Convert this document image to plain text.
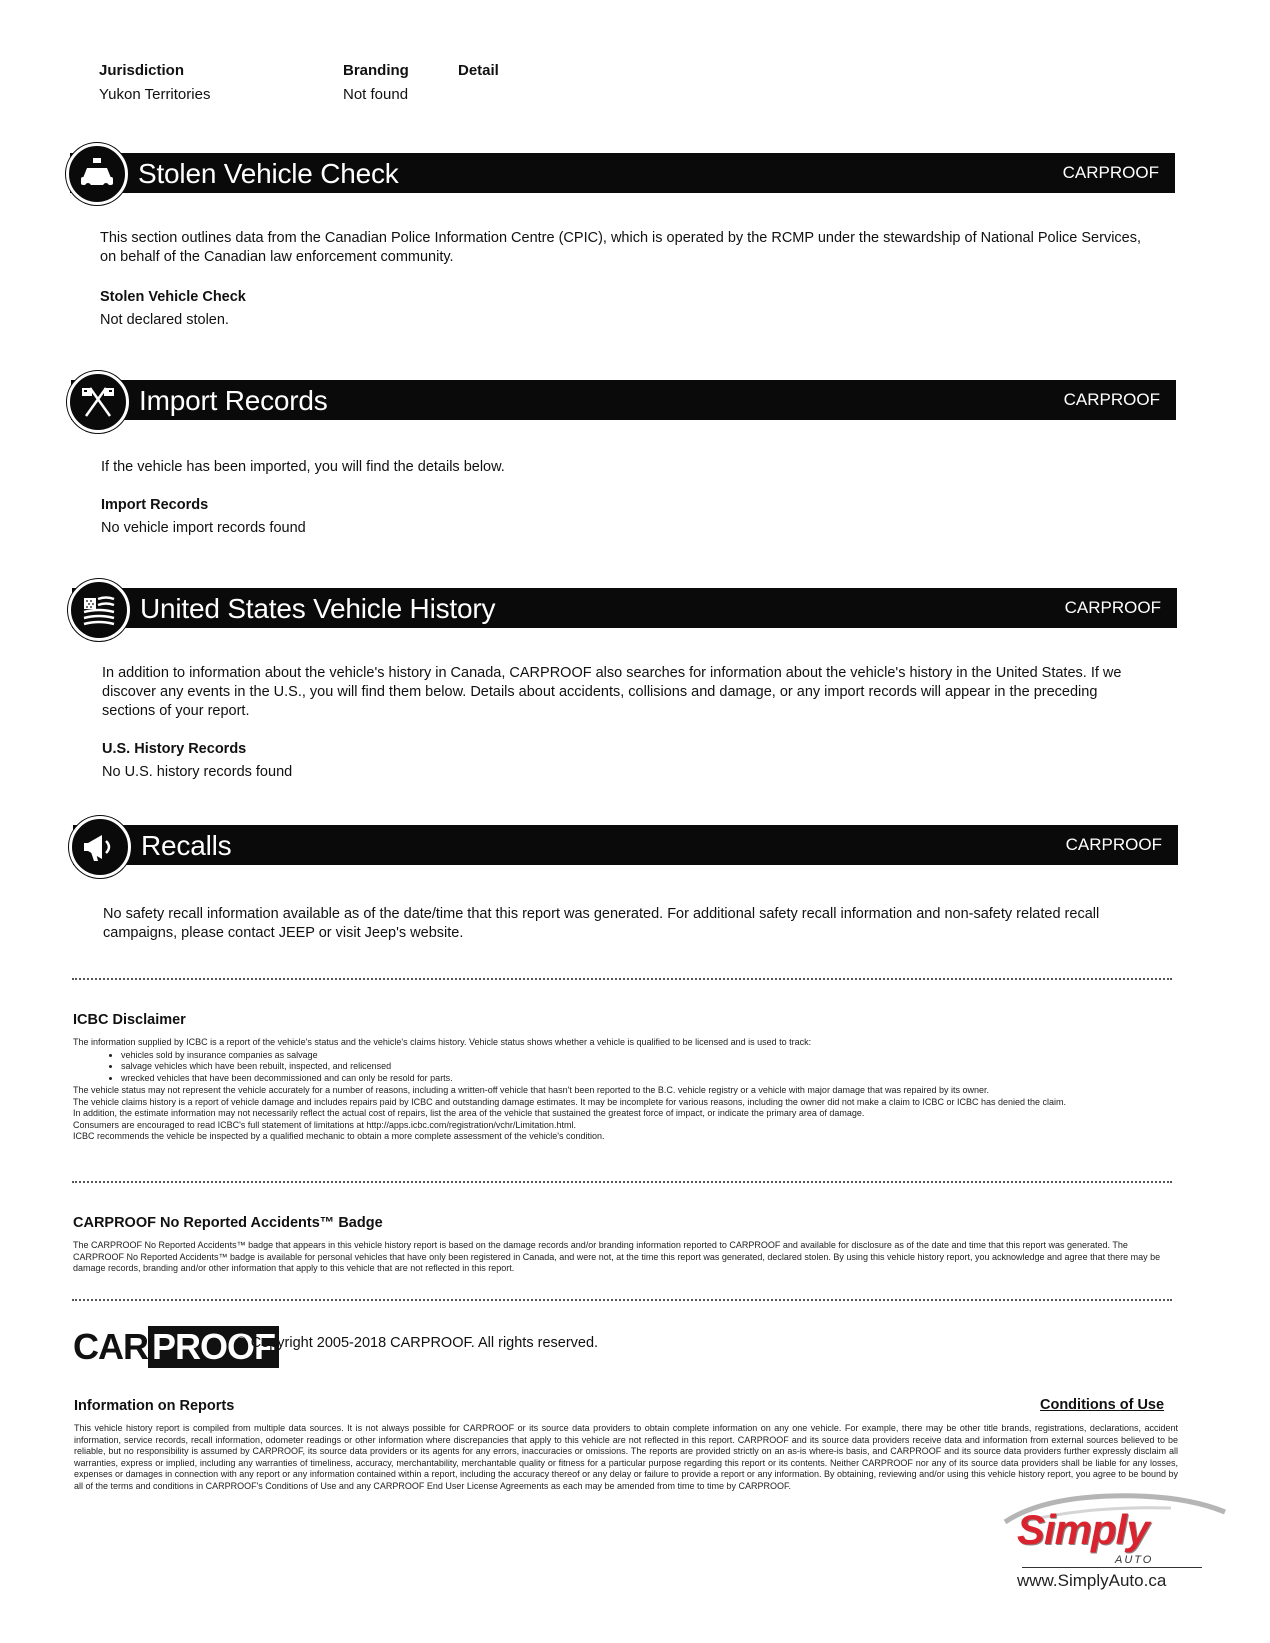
Jurisdiction	Branding	Detail
Yukon Territories	Not found
Stolen Vehicle Check	CARPROOF
This section outlines data from the Canadian Police Information Centre (CPIC), which is operated by the RCMP under the stewardship of National Police Services, on behalf of the Canadian law enforcement community.
Stolen Vehicle Check
Not declared stolen.
Import Records	CARPROOF
If the vehicle has been imported, you will find the details below.
Import Records
No vehicle import records found
United States Vehicle History	CARPROOF
In addition to information about the vehicle's history in Canada, CARPROOF also searches for information about the vehicle's history in the United States. If we discover any events in the U.S., you will find them below. Details about accidents, collisions and damage, or any import records will appear in the preceding sections of your report.
U.S. History Records
No U.S. history records found
Recalls	CARPROOF
No safety recall information available as of the date/time that this report was generated. For additional safety recall information and non-safety related recall campaigns, please contact JEEP or visit Jeep's website.
ICBC Disclaimer
The information supplied by ICBC is a report of the vehicle's status and the vehicle's claims history. Vehicle status shows whether a vehicle is qualified to be licensed and is used to track:
• vehicles sold by insurance companies as salvage
• salvage vehicles which have been rebuilt, inspected, and relicensed
• wrecked vehicles that have been decommissioned and can only be resold for parts.
The vehicle status may not represent the vehicle accurately for a number of reasons, including a written-off vehicle that hasn't been reported to the B.C. vehicle registry or a vehicle with major damage that was repaired by its owner.
The vehicle claims history is a report of vehicle damage and includes repairs paid by ICBC and outstanding damage estimates. It may be incomplete for various reasons, including the owner did not make a claim to ICBC or ICBC has denied the claim.
In addition, the estimate information may not necessarily reflect the actual cost of repairs, list the area of the vehicle that sustained the greatest force of impact, or indicate the primary area of damage.
Consumers are encouraged to read ICBC's full statement of limitations at http://apps.icbc.com/registration/vchr/Limitation.html.
ICBC recommends the vehicle be inspected by a qualified mechanic to obtain a more complete assessment of the vehicle's condition.
CARPROOF No Reported Accidents™ Badge
The CARPROOF No Reported Accidents™ badge that appears in this vehicle history report is based on the damage records and/or branding information reported to CARPROOF and available for disclosure as of the date and time that this report was generated. The CARPROOF No Reported Accidents™ badge is available for personal vehicles that have only been registered in Canada, and were not, at the time this report was generated, declared stolen. By using this vehicle history report, you acknowledge and agree that there may be damage records, branding and/or other information that apply to this vehicle that are not reflected in this report.
CAR PROOF
© Copyright 2005-2018 CARPROOF. All rights reserved.
Information on Reports	Conditions of Use
This vehicle history report is compiled from multiple data sources. It is not always possible for CARPROOF or its source data providers to obtain complete information on any one vehicle. For example, there may be other title brands, registrations, declarations, accident information, service records, recall information, odometer readings or other information where discrepancies that apply to this vehicle are not reflected in this report. CARPROOF and its source data providers receive data and information from external sources believed to be reliable, but no responsibility is assumed by CARPROOF, its source data providers or its agents for any errors, inaccuracies or omissions. The reports are provided strictly on an as-is where-is basis, and CARPROOF and its source data providers further expressly disclaim all warranties, express or implied, including any warranties of timeliness, accuracy, merchantability, merchantable quality or fitness for a particular purpose regarding this report or its contents. Neither CARPROOF nor any of its source data providers shall be liable for any losses, expenses or damages in connection with any report or any information contained within a report, including the accuracy thereof or any delay or failure to provide a report or any information. By obtaining, reviewing and/or using this vehicle history report, you agree to be bound by all of the terms and conditions in CARPROOF's Conditions of Use and any CARPROOF End User License Agreements as each may be amended from time to time by CARPROOF.
Simply
AUTO
www.SimplyAuto.ca
